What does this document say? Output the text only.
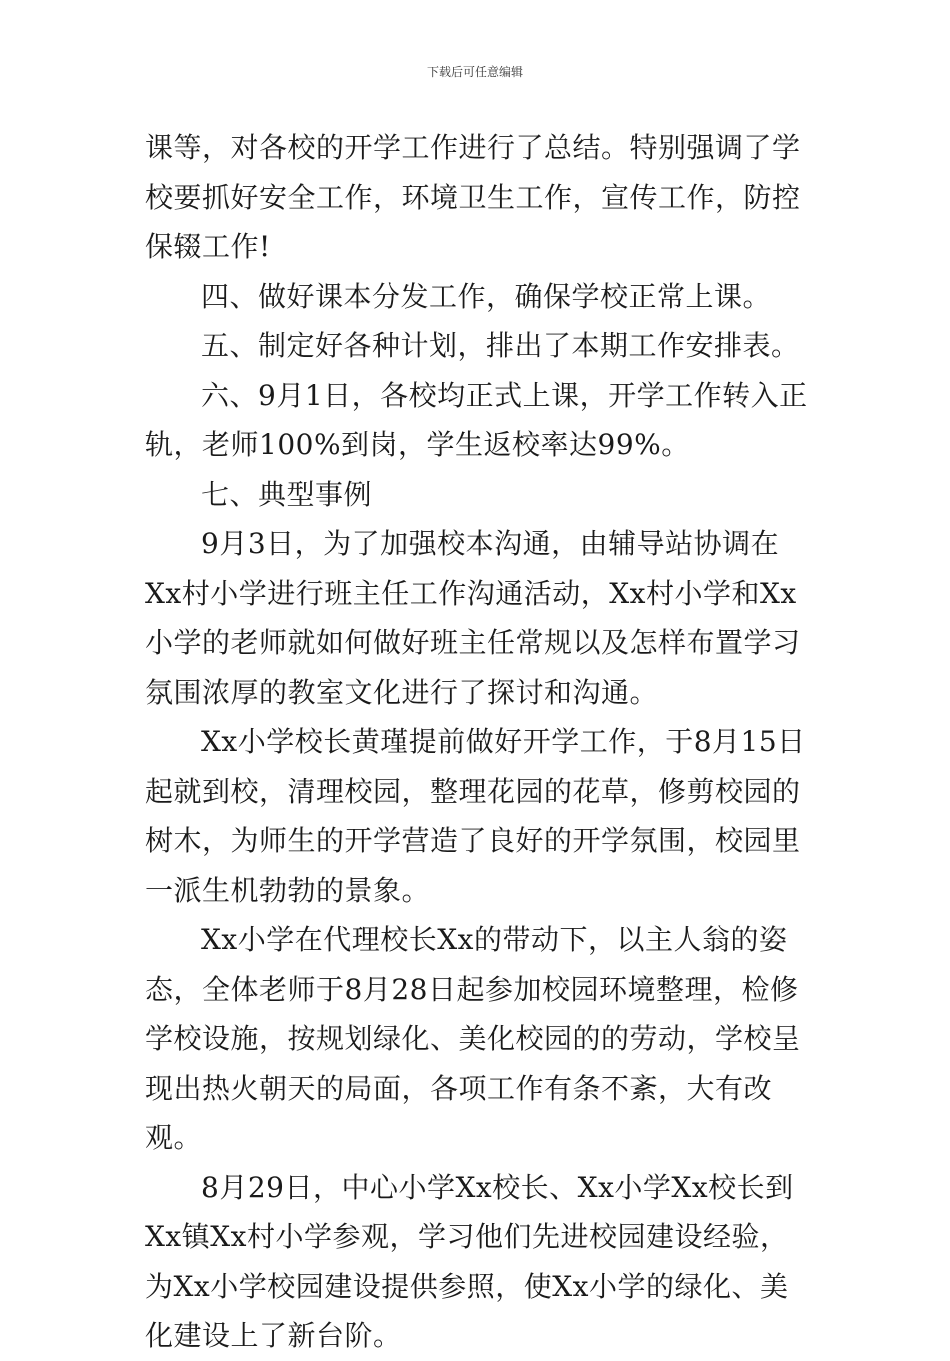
下载后可任意编辑

课等，对各校的开学工作进行了总结。特别强调了学校要抓好安全工作，环境卫生工作，宣传工作，防控保辍工作!

四、做好课本分发工作，确保学校正常上课。

五、制定好各种计划，排出了本期工作安排表。

六、9月1日，各校均正式上课，开学工作转入正轨，老师100%到岗，学生返校率达99%。

七、典型事例

9月3日，为了加强校本沟通，由辅导站协调在Xx村小学进行班主任工作沟通活动，Xx村小学和Xx小学的老师就如何做好班主任常规以及怎样布置学习氛围浓厚的教室文化进行了探讨和沟通。

Xx小学校长黄瑾提前做好开学工作，于8月15日起就到校，清理校园，整理花园的花草，修剪校园的树木，为师生的开学营造了良好的开学氛围，校园里一派生机勃勃的景象。

Xx小学在代理校长Xx的带动下，以主人翁的姿态，全体老师于8月28日起参加校园环境整理，检修学校设施，按规划绿化、美化校园的的劳动，学校呈现出热火朝天的局面，各项工作有条不紊，大有改观。

8月29日，中心小学Xx校长、Xx小学Xx校长到Xx镇Xx村小学参观，学习他们先进校园建设经验，为Xx小学校园建设提供参照，使Xx小学的绿化、美化建设上了新台阶。
